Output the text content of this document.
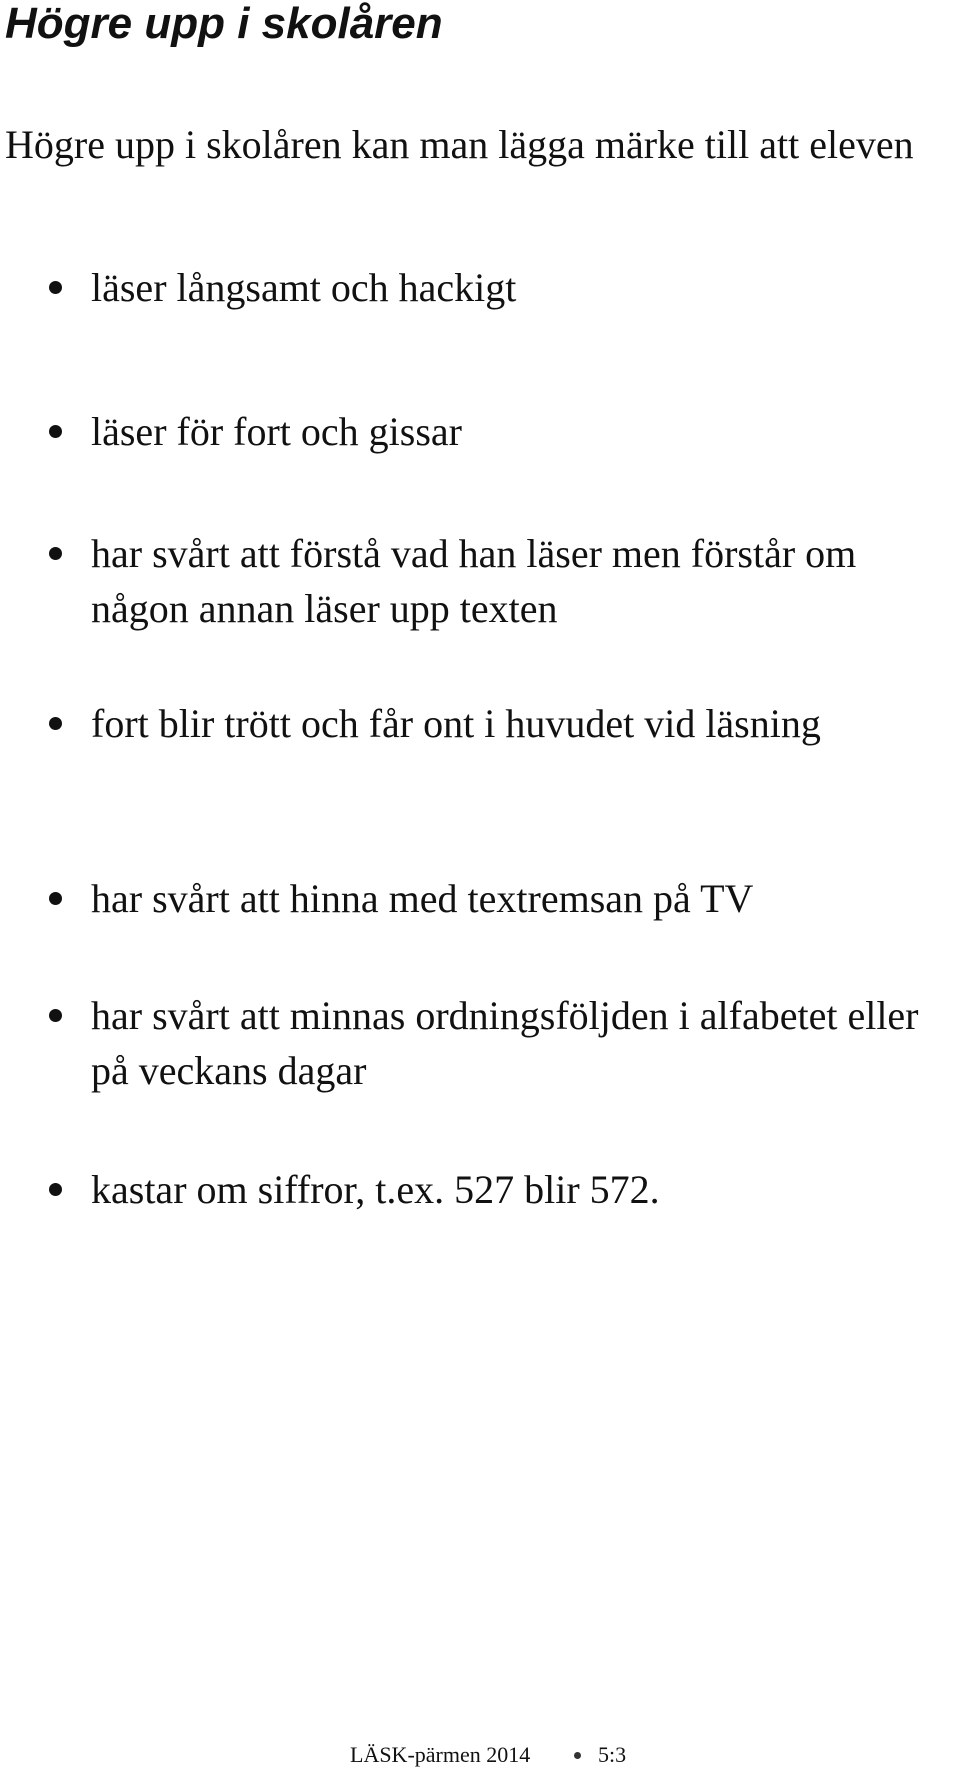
Högre upp i skolåren

Högre upp i skolåren kan man lägga märke till att eleven

läser långsamt och hackigt
läser för fort och gissar
har svårt att förstå vad han läser men förstår om någon annan läser upp texten
fort blir trött och får ont i huvudet vid läsning
har svårt att hinna med textremsan på TV
har svårt att minnas ordningsföljden i alfabetet eller på veckans dagar
kastar om siffror, t.ex. 527 blir 572.
LÄSK-pärmen 2014	5:3
